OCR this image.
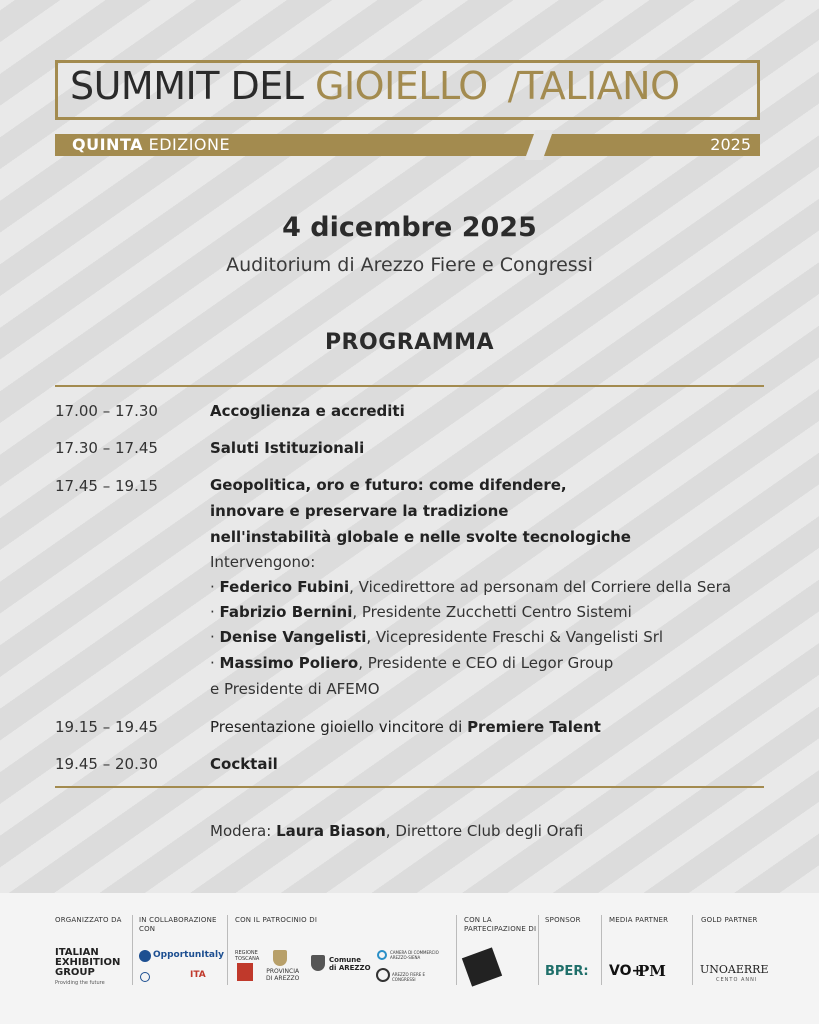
SUMMIT DEL GIOIELLO /TALIANO
QUINTA EDIZIONE	2025
4 dicembre 2025
Auditorium di Arezzo Fiere e Congressi
PROGRAMMA
17.00 – 17.30	Accoglienza e accrediti
17.30 – 17.45	Saluti Istituzionali
17.45 – 19.15	Geopolitica, oro e futuro: come difendere,
innovare e preservare la tradizione
nell'instabilità globale e nelle svolte tecnologiche
Intervengono:
· Federico Fubini, Vicedirettore ad personam del Corriere della Sera
· Fabrizio Bernini, Presidente Zucchetti Centro Sistemi
· Denise Vangelisti, Vicepresidente Freschi & Vangelisti Srl
· Massimo Poliero, Presidente e CEO di Legor Group
e Presidente di AFEMO
19.15 – 19.45	Presentazione gioiello vincitore di Premiere Talent
19.45 – 20.30	Cocktail
Modera: Laura Biason, Direttore Club degli Orafi
ORGANIZZATO DA IN COLLABORAZIONE
CON
CON IL PATROCINIO DI	CON LA
PARTECIPAZIONE DI
SPONSOR	MEDIA PARTNER	GOLD PARTNER
ITALIAN
EXHIBITION
GROUP
Providing the future
OpportunItaly
ITA
REGIONE TOSCANA
PROVINCIA
DI AREZZO
Comune
di AREZZO
CAMERA DI COMMERCIO AREZZO-SIENA
AREZZO FIERE E CONGRESSI
BPER: VO+
PM	UNOAERRE
CENTO ANNI
